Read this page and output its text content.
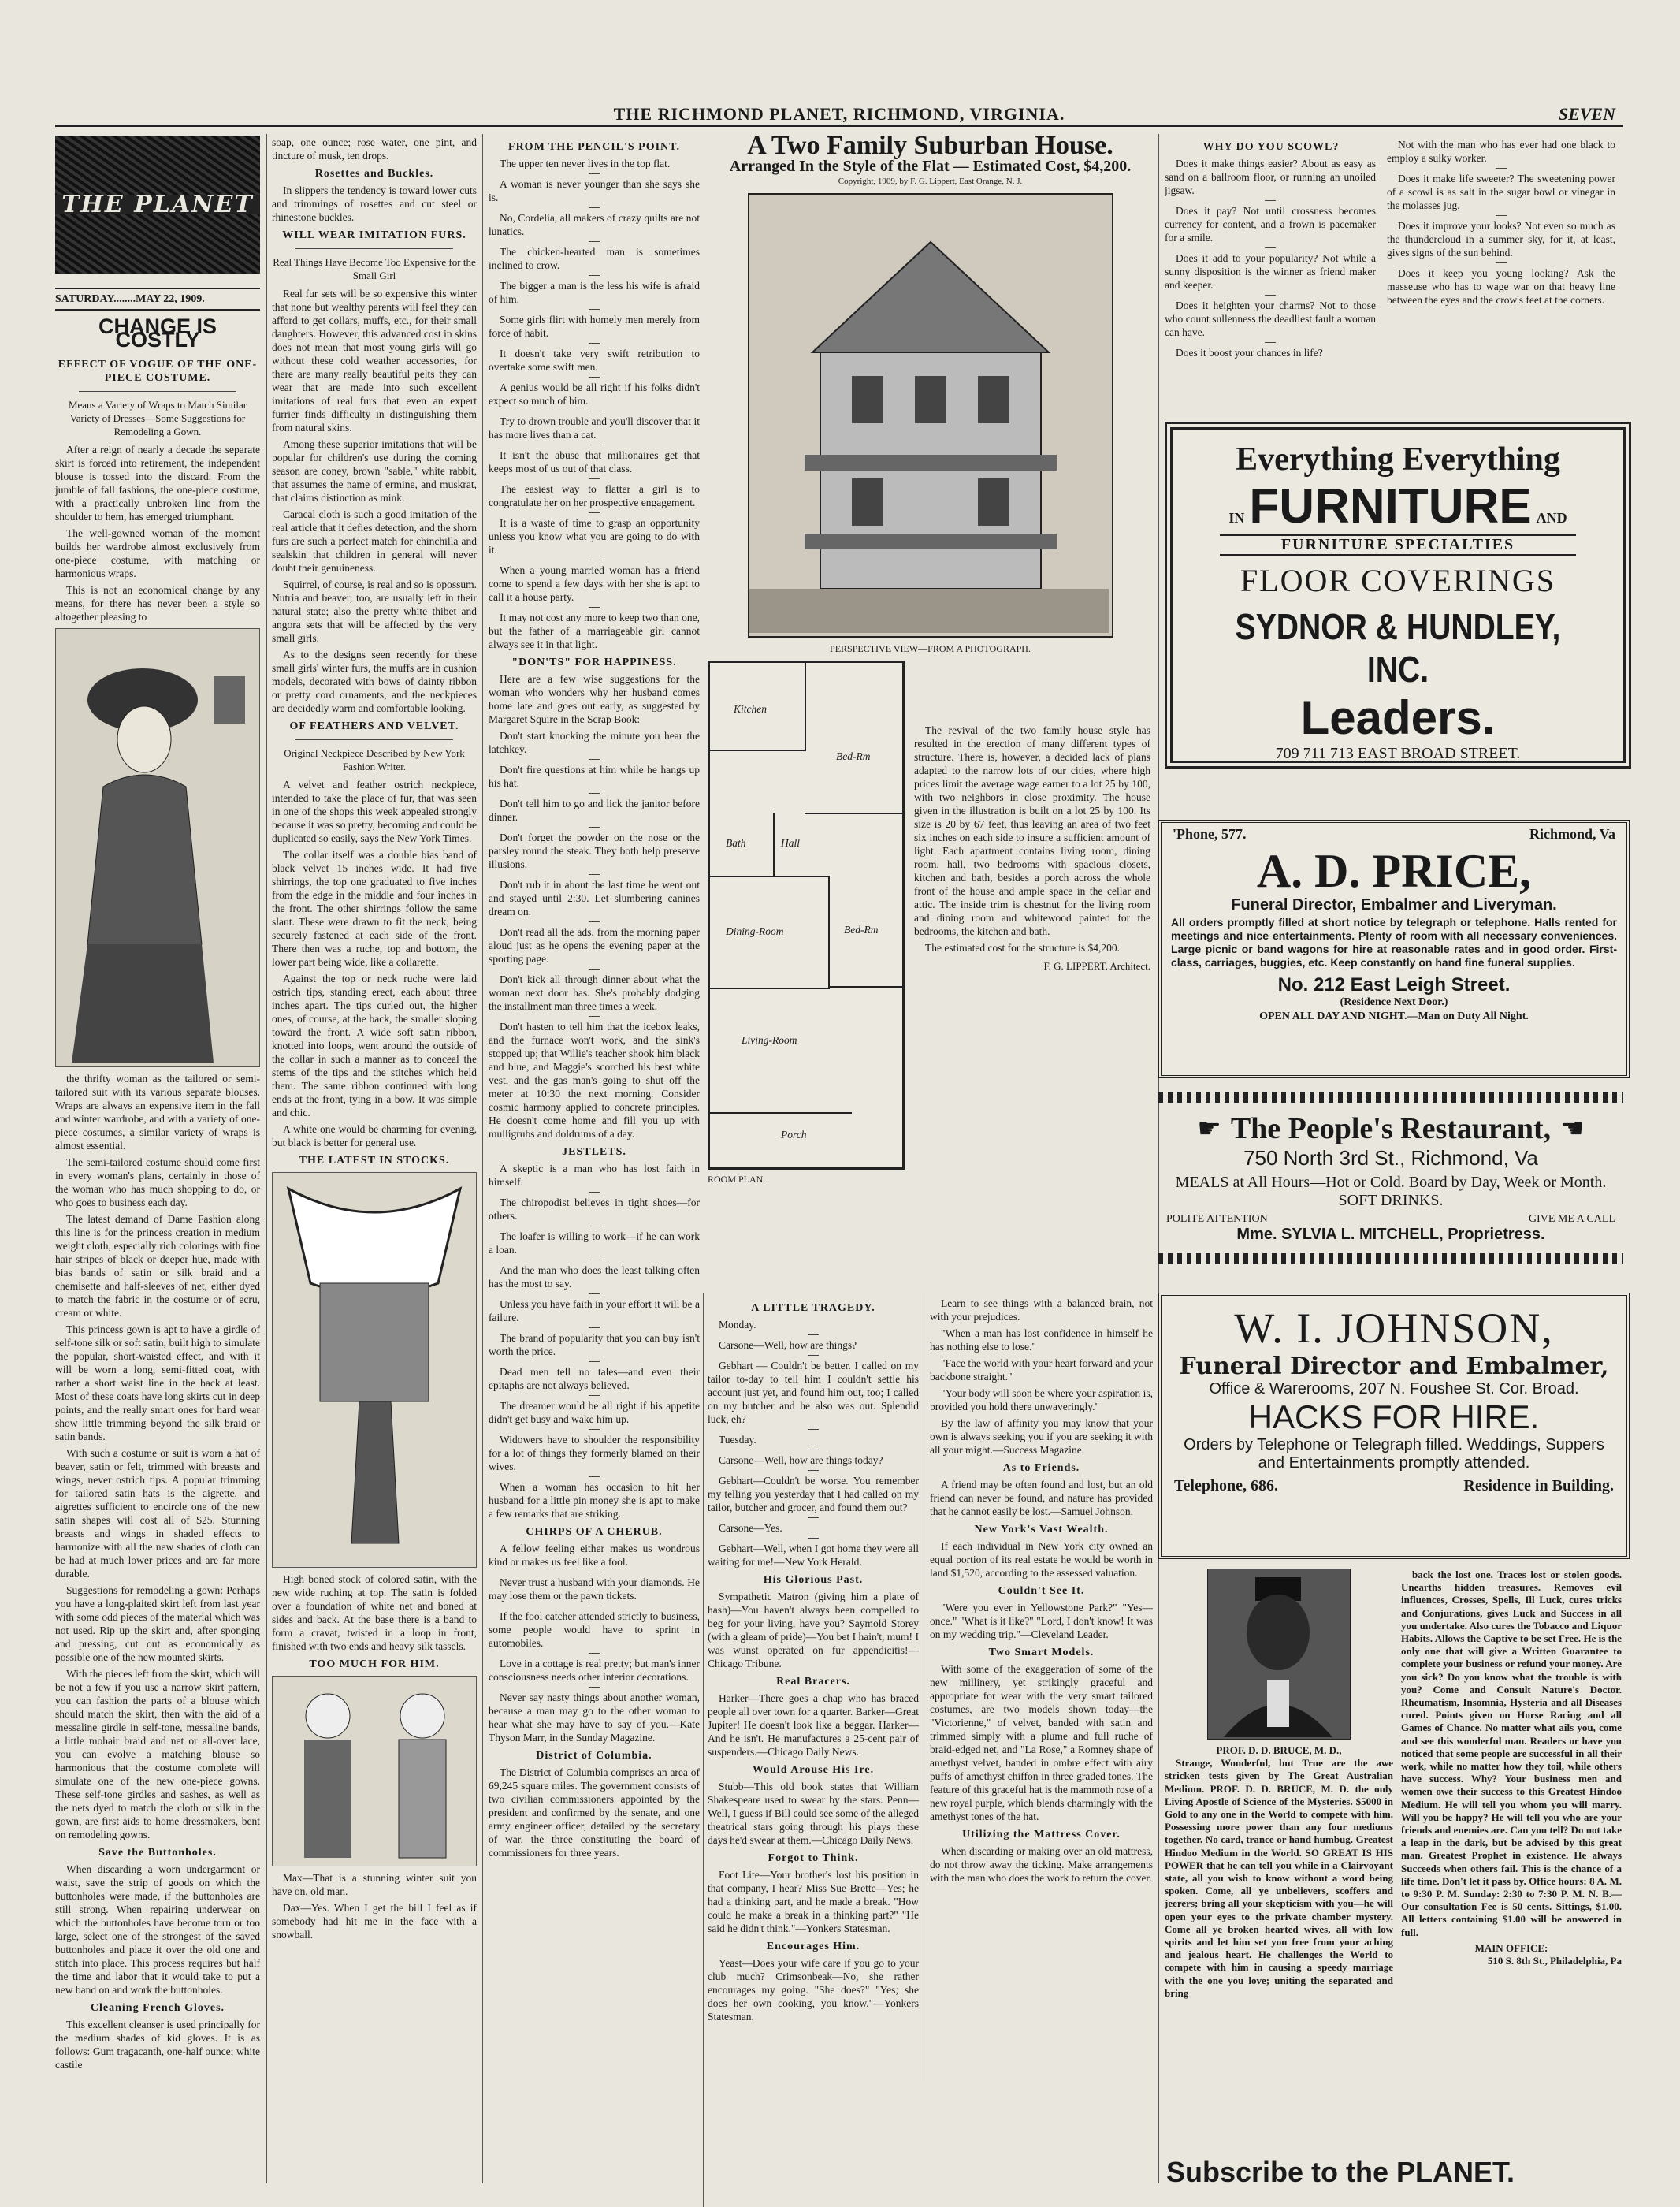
THE RICHMOND PLANET, RICHMOND, VIRGINIA.	SEVEN
THE PLANET
SATURDAY........MAY 22, 1909.
CHANGE IS COSTLY
EFFECT OF VOGUE OF THE ONE-PIECE COSTUME.
Means a Variety of Wraps to Match Similar Variety of Dresses—Some Suggestions for Remodeling a Gown.

After a reign of nearly a decade the separate skirt is forced into retirement, the independent blouse is tossed into the discard. From the jumble of fall fashions, the one-piece costume, with a practically unbroken line from the shoulder to hem, has emerged triumphant.

The well-gowned woman of the moment builds her wardrobe almost exclusively from one-piece costume, with matching or harmonious wraps.

This is not an economical change by any means, for there has never been a style so altogether pleasing to

the thrifty woman as the tailored or semi-tailored suit with its various separate blouses. Wraps are always an expensive item in the fall and winter wardrobe, and with a variety of one-piece costumes, a similar variety of wraps is almost essential.

The semi-tailored costume should come first in every woman's plans, certainly in those of the woman who has much shopping to do, or who goes to business each day.

The latest demand of Dame Fashion along this line is for the princess creation in medium weight cloth, especially rich colorings with fine hair stripes of black or deeper hue, made with bias bands of satin or silk braid and a chemisette and half-sleeves of net, either dyed to match the fabric in the costume or of ecru, cream or white.

This princess gown is apt to have a girdle of self-tone silk or soft satin, built high to simulate the popular, short-waisted effect, and with it will be worn a long, semi-fitted coat, with rather a short waist line in the back at least. Most of these coats have long skirts cut in deep points, and the really smart ones for hard wear show little trimming beyond the silk braid or satin bands.

With such a costume or suit is worn a hat of beaver, satin or felt, trimmed with breasts and wings, never ostrich tips. A popular trimming for tailored satin hats is the aigrette, and aigrettes sufficient to encircle one of the new satin shapes will cost all of $25. Stunning breasts and wings in shaded effects to harmonize with all the new shades of cloth can be had at much lower prices and are far more durable.

Suggestions for remodeling a gown: Perhaps you have a long-plaited skirt left from last year with some odd pieces of the material which was not used. Rip up the skirt and, after sponging and pressing, cut out as economically as possible one of the new mounted skirts.

With the pieces left from the skirt, which will be not a few if you use a narrow skirt pattern, you can fashion the parts of a blouse which should match the skirt, then with the aid of a messaline girdle in self-tone, messaline bands, a little mohair braid and net or all-over lace, you can evolve a matching blouse so harmonious that the costume complete will simulate one of the new one-piece gowns. These self-tone girdles and sashes, as well as the nets dyed to match the cloth or silk in the gown, are first aids to home dressmakers, bent on remodeling gowns.

Save the Buttonholes.

When discarding a worn undergarment or waist, save the strip of goods on which the buttonholes were made, if the buttonholes are still strong. When repairing underwear on which the buttonholes have become torn or too large, select one of the strongest of the saved buttonholes and place it over the old one and stitch into place. This process requires but half the time and labor that it would take to put a new band on and work the buttonholes.

Cleaning French Gloves.

This excellent cleanser is used principally for the medium shades of kid gloves. It is as follows: Gum tragacanth, one-half ounce; white castile

soap, one ounce; rose water, one pint, and tincture of musk, ten drops.

Rosettes and Buckles.

In slippers the tendency is toward lower cuts and trimmings of rosettes and cut steel or rhinestone buckles.

WILL WEAR IMITATION FURS.
Real Things Have Become Too Expensive for the Small Girl

Real fur sets will be so expensive this winter that none but wealthy parents will feel they can afford to get collars, muffs, etc., for their small daughters. However, this advanced cost in skins does not mean that most young girls will go without these cold weather accessories, for there are many really beautiful pelts they can wear that are made into such excellent imitations of real furs that even an expert furrier finds difficulty in distinguishing them from natural skins.

Among these superior imitations that will be popular for children's use during the coming season are coney, brown "sable," white rabbit, that assumes the name of ermine, and muskrat, that claims distinction as mink.

Caracal cloth is such a good imitation of the real article that it defies detection, and the shorn furs are such a perfect match for chinchilla and sealskin that children in general will never doubt their genuineness.

Squirrel, of course, is real and so is opossum. Nutria and beaver, too, are usually left in their natural state; also the pretty white thibet and angora sets that will be affected by the very small girls.

As to the designs seen recently for these small girls' winter furs, the muffs are in cushion models, decorated with bows of dainty ribbon or pretty cord ornaments, and the neckpieces are decidedly warm and comfortable looking.

OF FEATHERS AND VELVET.
Original Neckpiece Described by New York Fashion Writer.

A velvet and feather ostrich neckpiece, intended to take the place of fur, that was seen in one of the shops this week appealed strongly because it was so pretty, becoming and could be duplicated so easily, says the New York Times.

The collar itself was a double bias band of black velvet 15 inches wide. It had five shirrings, the top one graduated to five inches from the edge in the middle and four inches in the front. The other shirrings follow the same slant. These were drawn to fit the neck, being securely fastened at each side of the front. There then was a ruche, top and bottom, the lower part being wide, like a collarette.

Against the top or neck ruche were laid ostrich tips, standing erect, each about three inches apart. The tips curled out, the higher ones, of course, at the back, the smaller sloping toward the front. A wide soft satin ribbon, knotted into loops, went around the outside of the collar in such a manner as to conceal the stems of the tips and the stitches which held them. The same ribbon continued with long ends at the front, tying in a bow. It was simple and chic.

A white one would be charming for evening, but black is better for general use.

THE LATEST IN STOCKS.

High boned stock of colored satin, with the new wide ruching at top. The satin is folded over a foundation of white net and boned at sides and back. At the base there is a band to form a cravat, twisted in a loop in front, finished with two ends and heavy silk tassels.

TOO MUCH FOR HIM.

Max—That is a stunning winter suit you have on, old man.

Dax—Yes. When I get the bill I feel as if somebody had hit me in the face with a snowball.

FROM THE PENCIL'S POINT.

The upper ten never lives in the top flat.

A woman is never younger than she says she is.

No, Cordelia, all makers of crazy quilts are not lunatics.

The chicken-hearted man is sometimes inclined to crow.

The bigger a man is the less his wife is afraid of him.

Some girls flirt with homely men merely from force of habit.

It doesn't take very swift retribution to overtake some swift men.

A genius would be all right if his folks didn't expect so much of him.

Try to drown trouble and you'll discover that it has more lives than a cat.

It isn't the abuse that millionaires get that keeps most of us out of that class.

The easiest way to flatter a girl is to congratulate her on her prospective engagement.

It is a waste of time to grasp an opportunity unless you know what you are going to do with it.

When a young married woman has a friend come to spend a few days with her she is apt to call it a house party.

It may not cost any more to keep two than one, but the father of a marriageable girl cannot always see it in that light.

"DON'TS" FOR HAPPINESS.

Here are a few wise suggestions for the woman who wonders why her husband comes home late and goes out early, as suggested by Margaret Squire in the Scrap Book:

Don't start knocking the minute you hear the latchkey.

Don't fire questions at him while he hangs up his hat.

Don't tell him to go and lick the janitor before dinner.

Don't forget the powder on the nose or the parsley round the steak. They both help preserve illusions.

Don't rub it in about the last time he went out and stayed until 2:30. Let slumbering canines dream on.

Don't read all the ads. from the morning paper aloud just as he opens the evening paper at the sporting page.

Don't kick all through dinner about what the woman next door has. She's probably dodging the installment man three times a week.

Don't hasten to tell him that the icebox leaks, and the furnace won't work, and the sink's stopped up; that Willie's teacher shook him black and blue, and Maggie's scorched his best white vest, and the gas man's going to shut off the meter at 10:30 the next morning. Consider cosmic harmony applied to concrete principles. He doesn't come home and fill you up with mulligrubs and doldrums of a day.

JESTLETS.

A skeptic is a man who has lost faith in himself.

The chiropodist believes in tight shoes—for others.

The loafer is willing to work—if he can work a loan.

And the man who does the least talking often has the most to say.

Unless you have faith in your effort it will be a failure.

The brand of popularity that you can buy isn't worth the price.

Dead men tell no tales—and even their epitaphs are not always believed.

The dreamer would be all right if his appetite didn't get busy and wake him up.

Widowers have to shoulder the responsibility for a lot of things they formerly blamed on their wives.

When a woman has occasion to hit her husband for a little pin money she is apt to make a few remarks that are striking.

CHIRPS OF A CHERUB.

A fellow feeling either makes us wondrous kind or makes us feel like a fool.

Never trust a husband with your diamonds. He may lose them or the pawn tickets.

If the fool catcher attended strictly to business, some people would have to sprint in automobiles.

Love in a cottage is real pretty; but man's inner consciousness needs other interior decorations.

Never say nasty things about another woman, because a man may go to the other woman to hear what she may have to say of you.—Kate Thyson Marr, in the Sunday Magazine.

District of Columbia.

The District of Columbia comprises an area of 69,245 square miles. The government consists of two civilian commissioners appointed by the president and confirmed by the senate, and one army engineer officer, detailed by the secretary of war, the three constituting the board of commissioners for three years.

A Two Family Suburban House.
Arranged In the Style of the Flat — Estimated Cost, $4,200.
Copyright, 1909, by F. G. Lippert, East Orange, N. J.
PERSPECTIVE VIEW—FROM A PHOTOGRAPH.
Kitchen
Bed-Rm
Bath	Hall
Dining-Room	Bed-Rm
Living-Room
Porch
ROOM PLAN.

The revival of the two family house style has resulted in the erection of many different types of structure. There is, however, a decided lack of plans adapted to the narrow lots of our cities, where high prices limit the average wage earner to a lot 25 by 100, with two neighbors in close proximity. The house given in the illustration is built on a lot 25 by 100. Its size is 20 by 67 feet, thus leaving an area of two feet six inches on each side to insure a sufficient amount of light. Each apartment contains living room, dining room, hall, two bedrooms with spacious closets, kitchen and bath, besides a porch across the whole front of the house and ample space in the cellar and attic. The inside trim is chestnut for the living room and dining room and whitewood painted for the bedrooms, the kitchen and bath.

The estimated cost for the structure is $4,200.

F. G. LIPPERT, Architect.
A LITTLE TRAGEDY.

Monday.

Carsone—Well, how are things?

Gebhart — Couldn't be better. I called on my tailor to-day to tell him I couldn't settle his account just yet, and found him out, too; I called on my butcher and he also was out. Splendid luck, eh?

Tuesday.

Carsone—Well, how are things today?

Gebhart—Couldn't be worse. You remember my telling you yesterday that I had called on my tailor, butcher and grocer, and found them out?

Carsone—Yes.

Gebhart—Well, when I got home they were all waiting for me!—New York Herald.

His Glorious Past.

Sympathetic Matron (giving him a plate of hash)—You haven't always been compelled to beg for your living, have you? Saymold Storey (with a gleam of pride)—You bet I hain't, mum! I was wunst operated on fur appendicitis!—Chicago Tribune.

Real Bracers.

Harker—There goes a chap who has braced people all over town for a quarter. Barker—Great Jupiter! He doesn't look like a beggar. Harker—And he isn't. He manufactures a 25-cent pair of suspenders.—Chicago Daily News.

Would Arouse His Ire.

Stubb—This old book states that William Shakespeare used to swear by the stars. Penn—Well, I guess if Bill could see some of the alleged theatrical stars going through his plays these days he'd swear at them.—Chicago Daily News.

Forgot to Think.

Foot Lite—Your brother's lost his position in that company, I hear? Miss Sue Brette—Yes; he had a thinking part, and he made a break. "How could he make a break in a thinking part?" "He said he didn't think."—Yonkers Statesman.

Encourages Him.

Yeast—Does your wife care if you go to your club much? Crimsonbeak—No, she rather encourages my going. "She does?" "Yes; she does her own cooking, you know."—Yonkers Statesman.

Learn to see things with a balanced brain, not with your prejudices.

"When a man has lost confidence in himself he has nothing else to lose."

"Face the world with your heart forward and your backbone straight."

"Your body will soon be where your aspiration is, provided you hold there unwaveringly."

By the law of affinity you may know that your own is always seeking you if you are seeking it with all your might.—Success Magazine.

As to Friends.

A friend may be often found and lost, but an old friend can never be found, and nature has provided that he cannot easily be lost.—Samuel Johnson.

New York's Vast Wealth.

If each individual in New York city owned an equal portion of its real estate he would be worth in land $1,520, according to the assessed valuation.

Couldn't See It.

"Were you ever in Yellowstone Park?" "Yes—once." "What is it like?" "Lord, I don't know! It was on my wedding trip."—Cleveland Leader.

Two Smart Models.

With some of the exaggeration of some of the new millinery, yet strikingly graceful and appropriate for wear with the very smart tailored costumes, are two models shown today—the "Victorienne," of velvet, banded with satin and trimmed simply with a plume and full ruche of braid-edged net, and "La Rose," a Romney shape of amethyst velvet, banded in ombre effect with airy puffs of amethyst chiffon in three graded tones. The feature of this graceful hat is the mammoth rose of a new royal purple, which blends charmingly with the amethyst tones of the hat.

Utilizing the Mattress Cover.

When discarding or making over an old mattress, do not throw away the ticking. Make arrangements with the man who does the work to return the cover.

WHY DO YOU SCOWL?

Does it make things easier? About as easy as sand on a ballroom floor, or running an unoiled jigsaw.

Does it pay? Not until crossness becomes currency for content, and a frown is pacemaker for a smile.

Does it add to your popularity? Not while a sunny disposition is the winner as friend maker and keeper.

Does it heighten your charms? Not to those who count sullenness the deadliest fault a woman can have.

Does it boost your chances in life?

Not with the man who has ever had one black to employ a sulky worker.

Does it make life sweeter? The sweetening power of a scowl is as salt in the sugar bowl or vinegar in the molasses jug.

Does it improve your looks? Not even so much as the thundercloud in a summer sky, for it, at least, gives signs of the sun behind.

Does it keep you young looking? Ask the masseuse who has to wage war on that heavy line between the eyes and the crow's feet at the corners.

Everything Everything
IN FURNITURE AND
FURNITURE SPECIALTIES
FLOOR COVERINGS
SYDNOR & HUNDLEY, INC.
Leaders.
709 711 713 EAST BROAD STREET.
'Phone, 577.	Richmond, Va
A. D. PRICE,
Funeral Director, Embalmer and Liveryman.
All orders promptly filled at short notice by telegraph or telephone. Halls rented for meetings and nice entertainments. Plenty of room with all necessary conveniences. Large picnic or band wagons for hire at reasonable rates and in good order. First-class, carriages, buggies, etc. Keep constantly on hand fine funeral supplies.
No. 212 East Leigh Street.
(Residence Next Door.)
OPEN ALL DAY AND NIGHT.—Man on Duty All Night.
☛ The People's Restaurant, ☛
750 North 3rd St., Richmond, Va
MEALS at All Hours—Hot or Cold. Board by Day, Week or Month. SOFT DRINKS.
POLITE ATTENTION	GIVE ME A CALL
Mme. SYLVIA L. MITCHELL, Proprietress.
W. I. JOHNSON,
Funeral Director and Embalmer,
Office & Warerooms, 207 N. Foushee St. Cor. Broad.
HACKS FOR HIRE.
Orders by Telephone or Telegraph filled. Weddings, Suppers and Entertainments promptly attended.
Telephone, 686.	Residence in Building.
PROF. D. D. BRUCE, M. D.,

Strange, Wonderful, but True are the awe stricken tests given by The Great Australian Medium. PROF. D. D. BRUCE, M. D. the only Living Apostle of Science of the Mysteries. $5000 in Gold to any one in the World to compete with him. Possessing more power than any four mediums together. No card, trance or hand humbug. Greatest Hindoo Medium in the World. SO GREAT IS HIS POWER that he can tell you while in a Clairvoyant state, all you wish to know without a word being spoken. Come, all ye unbelievers, scoffers and jeerers; bring all your skepticism with you—he will open your eyes to the private chamber mystery. Come all ye broken hearted wives, all with low spirits and let him set you free from your aching and jealous heart. He challenges the World to compete with him in causing a speedy marriage with the one you love; uniting the separated and bring

back the lost one. Traces lost or stolen goods. Unearths hidden treasures. Removes evil influences, Crosses, Spells, Ill Luck, cures tricks and Conjurations, gives Luck and Success in all you undertake. Also cures the Tobacco and Liquor Habits. Allows the Captive to be set Free. He is the only one that will give a Written Guarantee to complete your business or refund your money. Are you sick? Do you know what the trouble is with you? Come and Consult Nature's Doctor. Rheumatism, Insomnia, Hysteria and all Diseases cured. Points given on Horse Racing and all Games of Chance. No matter what ails you, come and see this wonderful man. Readers or have you noticed that some people are successful in all their work, while no matter how they toil, while others have success. Why? Your business men and women owe their success to this Greatest Hindoo Medium. He will tell you whom you will marry. Will you be happy? He will tell you who are your friends and enemies are. Can you tell? Do not take a leap in the dark, but be advised by this great man. Greatest Prophet in existence. He always Succeeds when others fail. This is the chance of a life time. Don't let it pass by. Office hours: 8 A. M. to 9:30 P. M. Sunday: 2:30 to 7:30 P. M. N. B.—Our consultation Fee is 50 cents. Sittings, $1.00. All letters containing $1.00 will be answered in full.

MAIN OFFICE:
510 S. 8th St., Philadelphia, Pa
Subscribe to the PLANET.
